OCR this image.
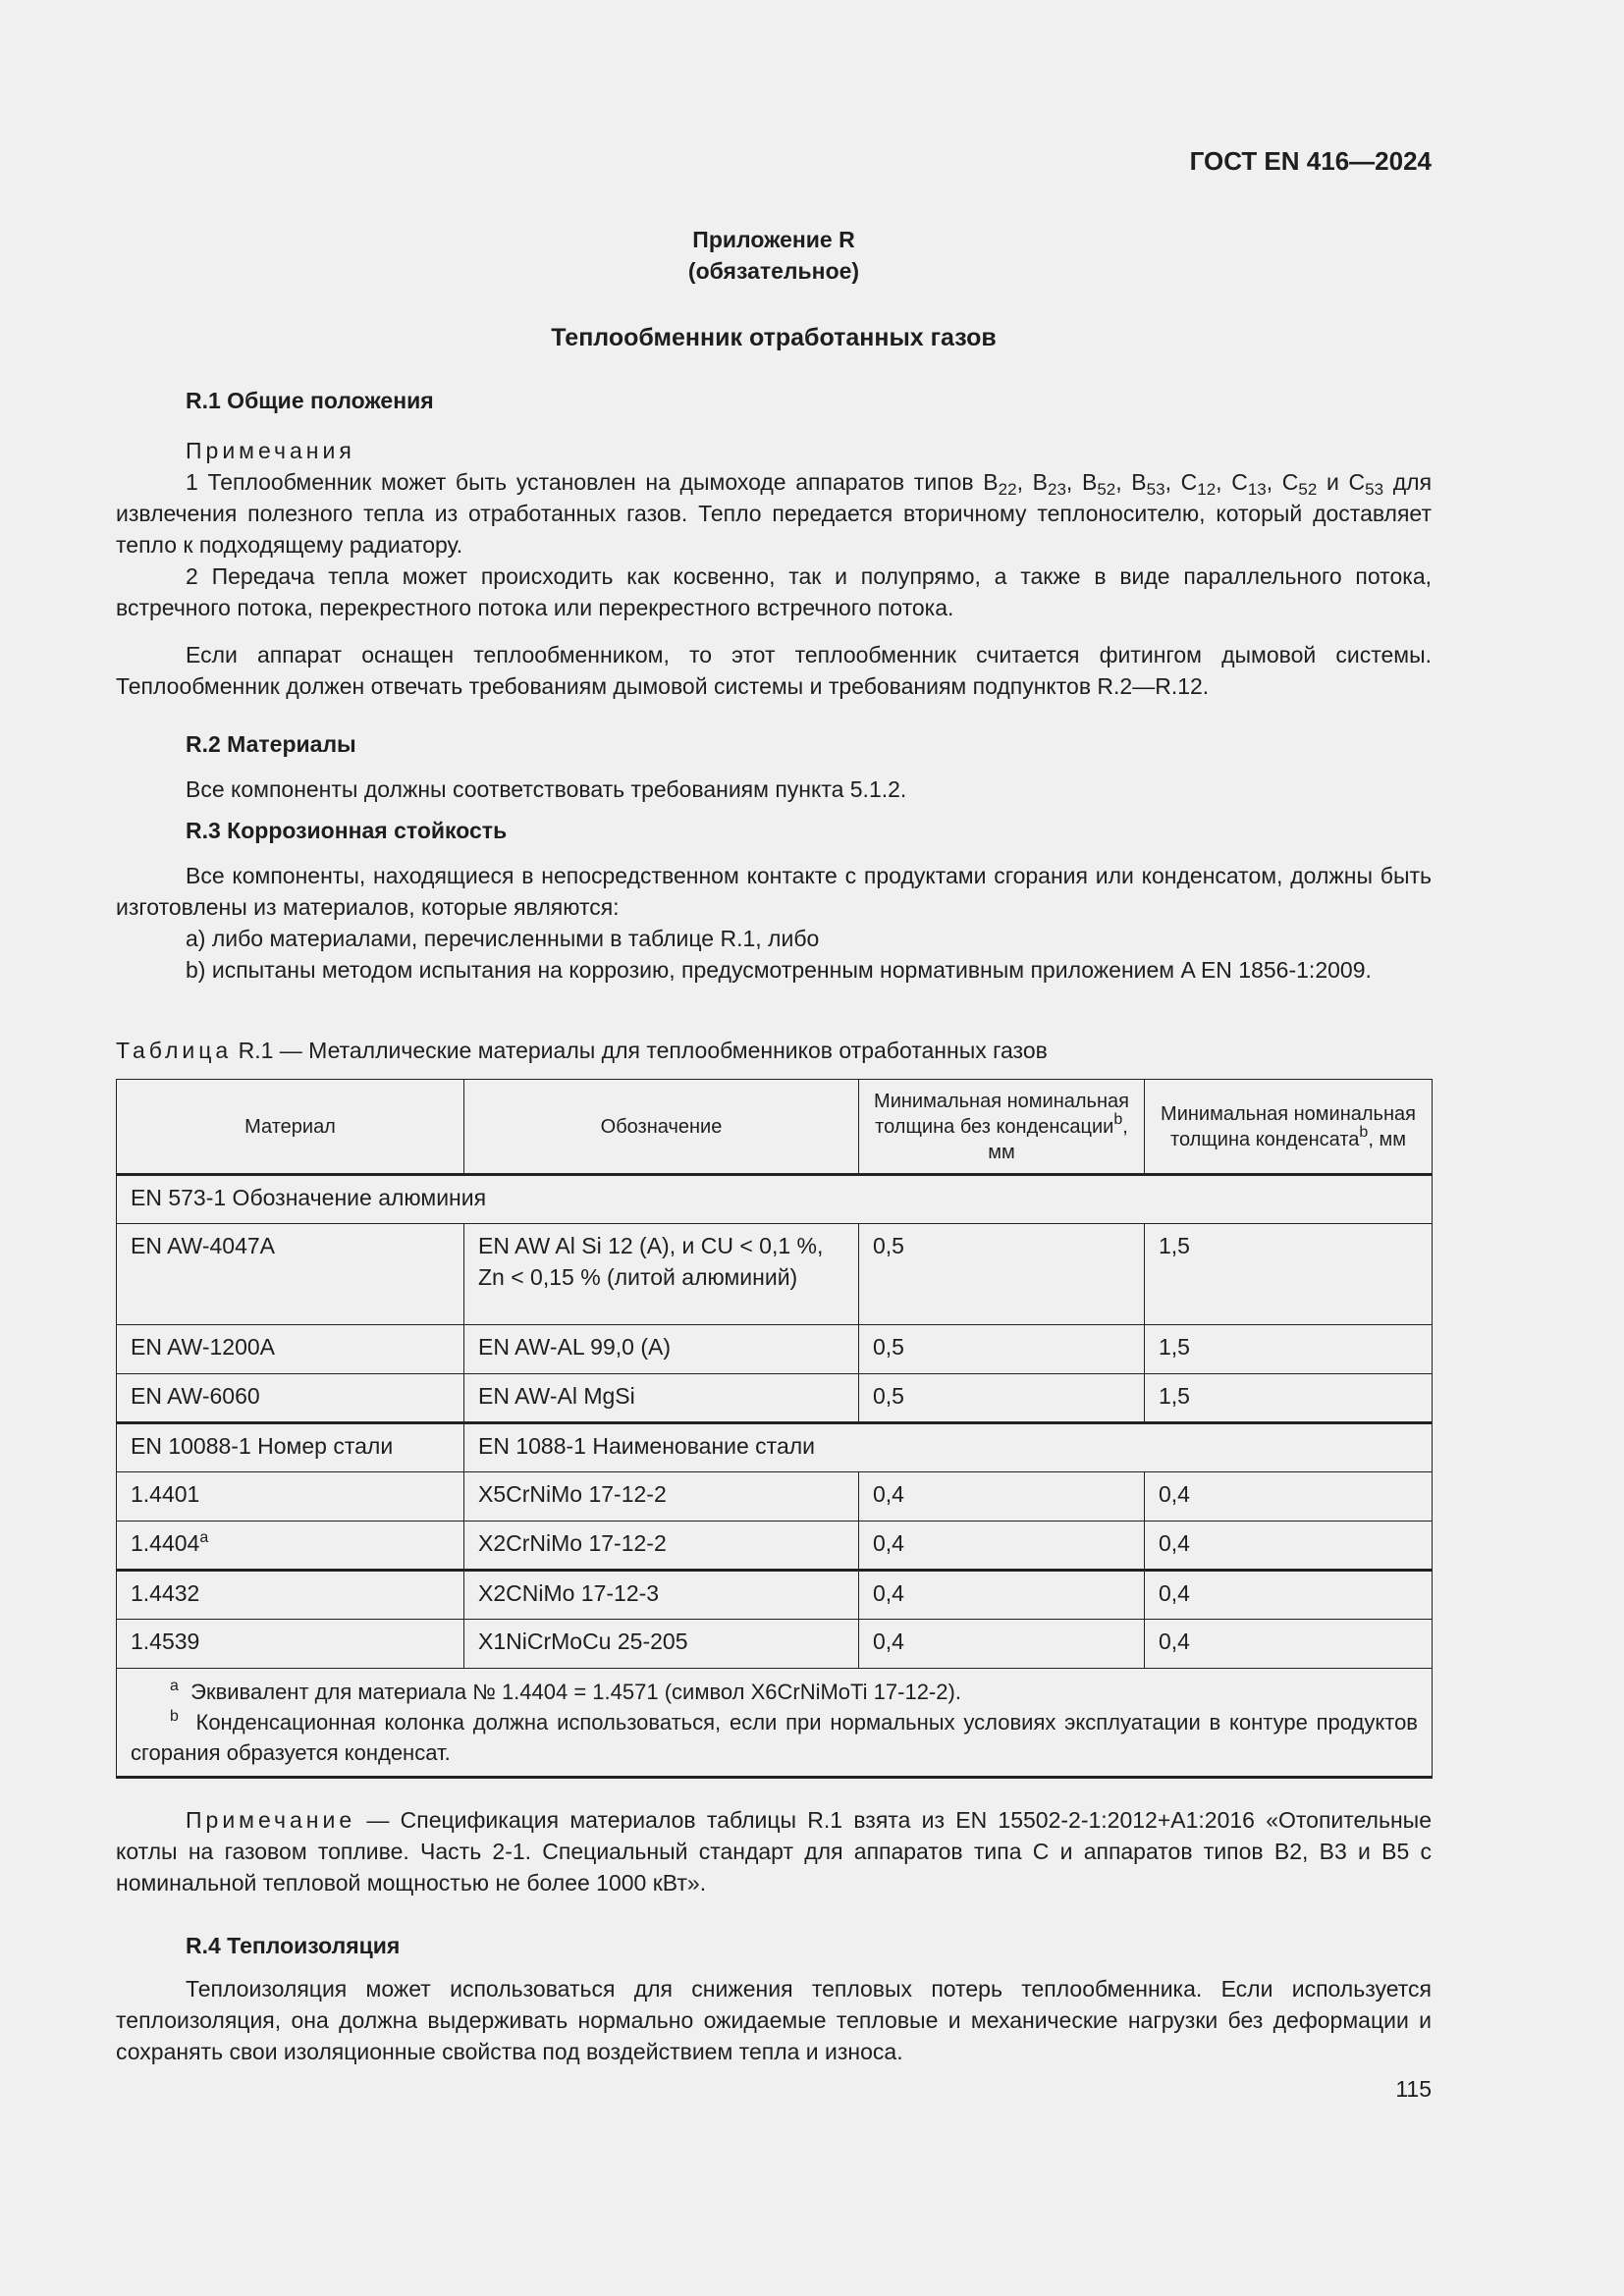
ГОСТ EN 416—2024
Приложение R
(обязательное)
Теплообменник отработанных газов
R.1 Общие положения

Примечания

1 Теплообменник может быть установлен на дымоходе аппаратов типов $B_{22}$, $B_{23}$, $B_{52}$, $B_{53}$, $C_{12}$, $C_{13}$, $C_{52}$ и $C_{53}$ для извлечения полезного тепла из отработанных газов. Тепло передается вторичному теплоносителю, который доставляет тепло к подходящему радиатору.

2 Передача тепла может происходить как косвенно, так и полупрямо, а также в виде параллельного потока, встречного потока, перекрестного потока или перекрестного встречного потока.

Если аппарат оснащен теплообменником, то этот теплообменник считается фитингом дымовой системы. Теплообменник должен отвечать требованиям дымовой системы и требованиям подпунктов R.2—R.12.

R.2 Материалы

Все компоненты должны соответствовать требованиям пункта 5.1.2.

R.3 Коррозионная стойкость

Все компоненты, находящиеся в непосредственном контакте с продуктами сгорания или конденсатом, должны быть изготовлены из материалов, которые являются:

a) либо материалами, перечисленными в таблице R.1, либо

b) испытаны методом испытания на коррозию, предусмотренным нормативным приложением A EN 1856-1:2009.

Таблица R.1 — Металлические материалы для теплообменников отработанных газов
Материал	Обозначение	Минимальная номинальная толщина без конденсации$^b$, мм	Минимальная номинальная толщина конденсата$^b$, мм
EN 573-1 Обозначение алюминия			
EN AW-4047A	EN AW Al Si 12 (A), и CU < 0,1 %, Zn < 0,15 % (литой алюминий)	0,5	1,5
EN AW-1200A	EN AW-AL 99,0 (A)	0,5	1,5
EN AW-6060	EN AW-Al MgSi	0,5	1,5
EN 10088-1 Номер стали	EN 1088-1 Наименование стали		
1.4401	X5CrNiMo 17-12-2	0,4	0,4
1.4404$^a$	X2CrNiMo 17-12-2	0,4	0,4
1.4432	X2CNiMo 17-12-3	0,4	0,4
1.4539	X1NiCrMoCu 25-205	0,4	0,4

$^a$ Эквивалент для материала № 1.4404 = 1.4571 (символ X6CrNiMoTi 17-12-2).
$^b$ Конденсационная колонка должна использоваться, если при нормальных условиях эксплуатации в контуре продуктов сгорания образуется конденсат.			

Примечание — Спецификация материалов таблицы R.1 взята из EN 15502-2-1:2012+A1:2016 «Отопительные котлы на газовом топливе. Часть 2-1. Специальный стандарт для аппаратов типа C и аппаратов типов B2, B3 и B5 с номинальной тепловой мощностью не более 1000 кВт».

R.4 Теплоизоляция

Теплоизоляция может использоваться для снижения тепловых потерь теплообменника. Если используется теплоизоляция, она должна выдерживать нормально ожидаемые тепловые и механические нагрузки без деформации и сохранять свои изоляционные свойства под воздействием тепла и износа.

115
